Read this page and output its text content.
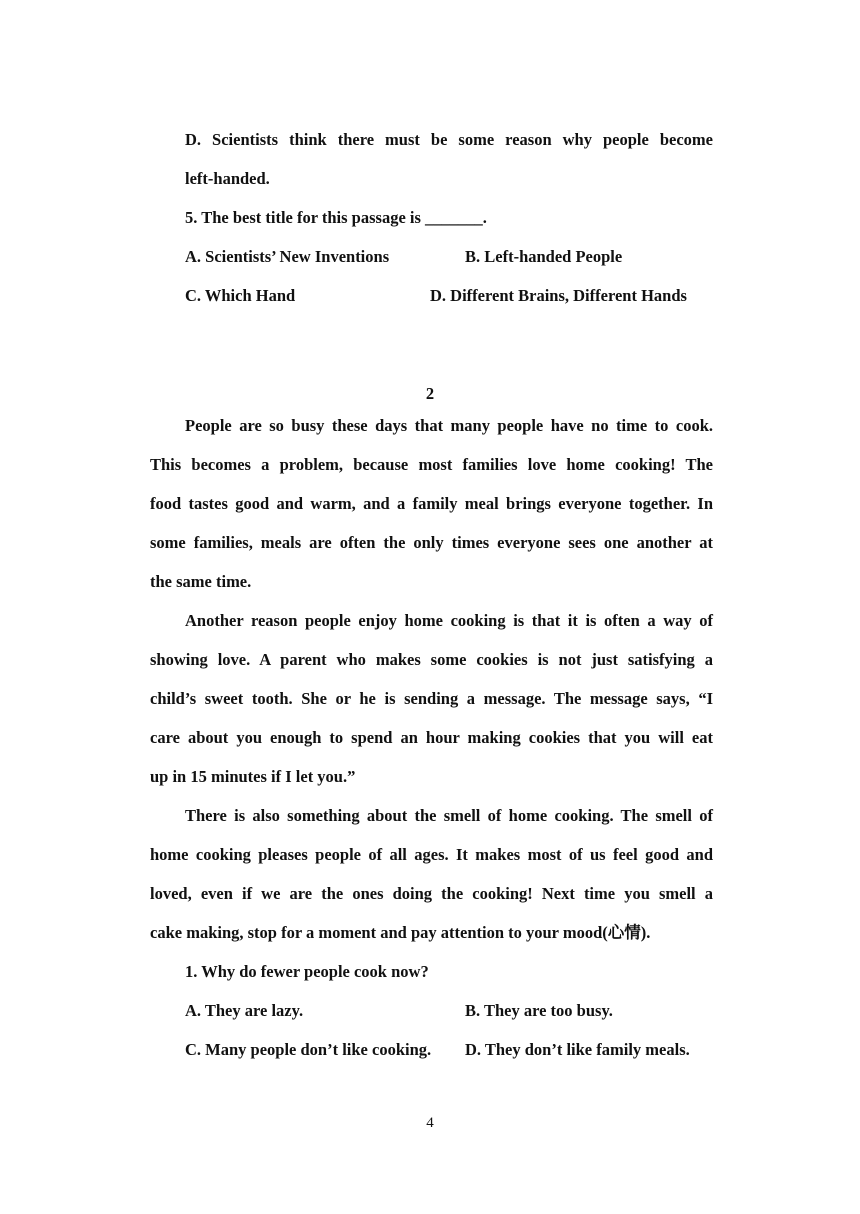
D. Scientists think there must be some reason why people become
left-handed.
5. The best title for this passage is _______.
A. Scientists’ New Inventions	B. Left-handed People
C. Which Hand	D. Different Brains, Different Hands
2
People are so busy these days that many people have no time to cook.
This becomes a problem, because most families love home cooking! The
food tastes good and warm, and a family meal brings everyone together. In
some families, meals are often the only times everyone sees one another at
the same time.
Another reason people enjoy home cooking is that it is often a way of
showing love. A parent who makes some cookies is not just satisfying a
child’s sweet tooth. She or he is sending a message. The message says, “I
care about you enough to spend an hour making cookies that you will eat
up in 15 minutes if I let you.”
There is also something about the smell of home cooking. The smell of
home cooking pleases people of all ages. It makes most of us feel good and
loved, even if we are the ones doing the cooking! Next time you smell a
cake making, stop for a moment and pay attention to your mood(心情).
1. Why do fewer people cook now?
A. They are lazy.	B. They are too busy.
C. Many people don’t like cooking. D. They don’t like family meals.
4
